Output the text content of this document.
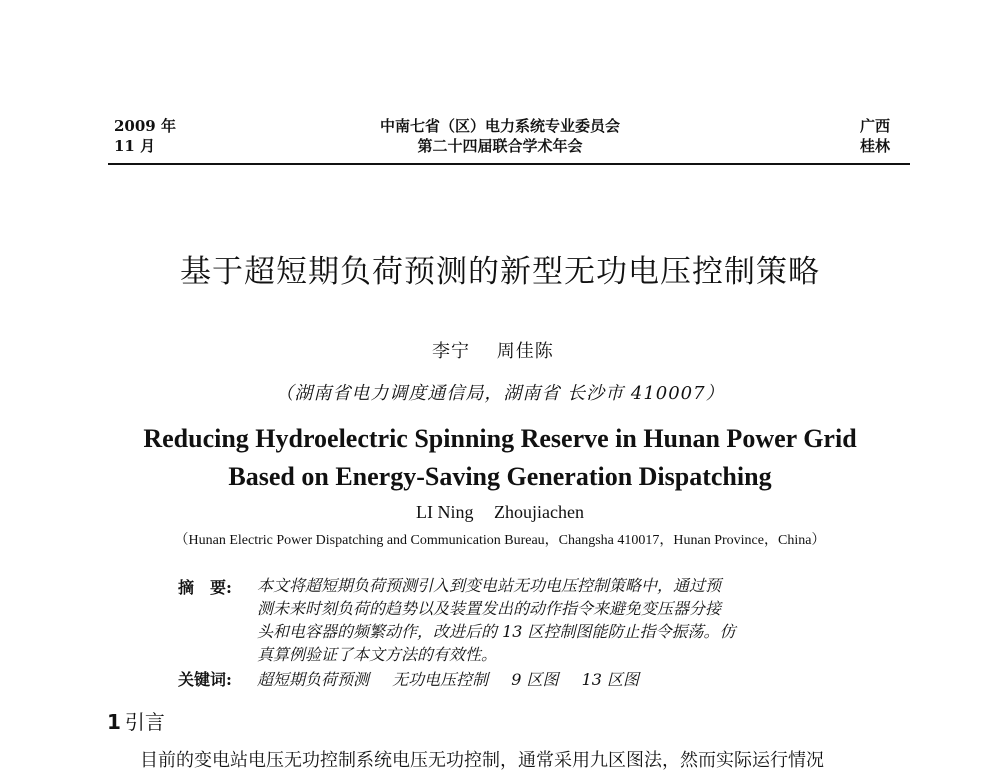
2009 年
11 月
中南七省（区）电力系统专业委员会
第二十四届联合学术年会
广西
桂林
基于超短期负荷预测的新型无功电压控制策略
李宁 周佳陈
（湖南省电力调度通信局，湖南省 长沙市 410007）
Reducing Hydroelectric Spinning Reserve in Hunan Power Grid
Based on Energy-Saving Generation Dispatching
LI Ning Zhoujiachen
（Hunan Electric Power Dispatching and Communication Bureau，Changsha 410017，Hunan Province，China）
摘　要: 本文将超短期负荷预测引入到变电站无功电压控制策略中，通过预
测未来时刻负荷的趋势以及装置发出的动作指令来避免变压器分接
头和电容器的频繁动作，改进后的 13 区控制图能防止指令振荡。仿
真算例验证了本文方法的有效性。
关键词: 超短期负荷预测 无功电压控制 9 区图 13 区图
1 引言
目前的变电站电压无功控制系统电压无功控制，通常采用九区图法，然而实际运行情况
